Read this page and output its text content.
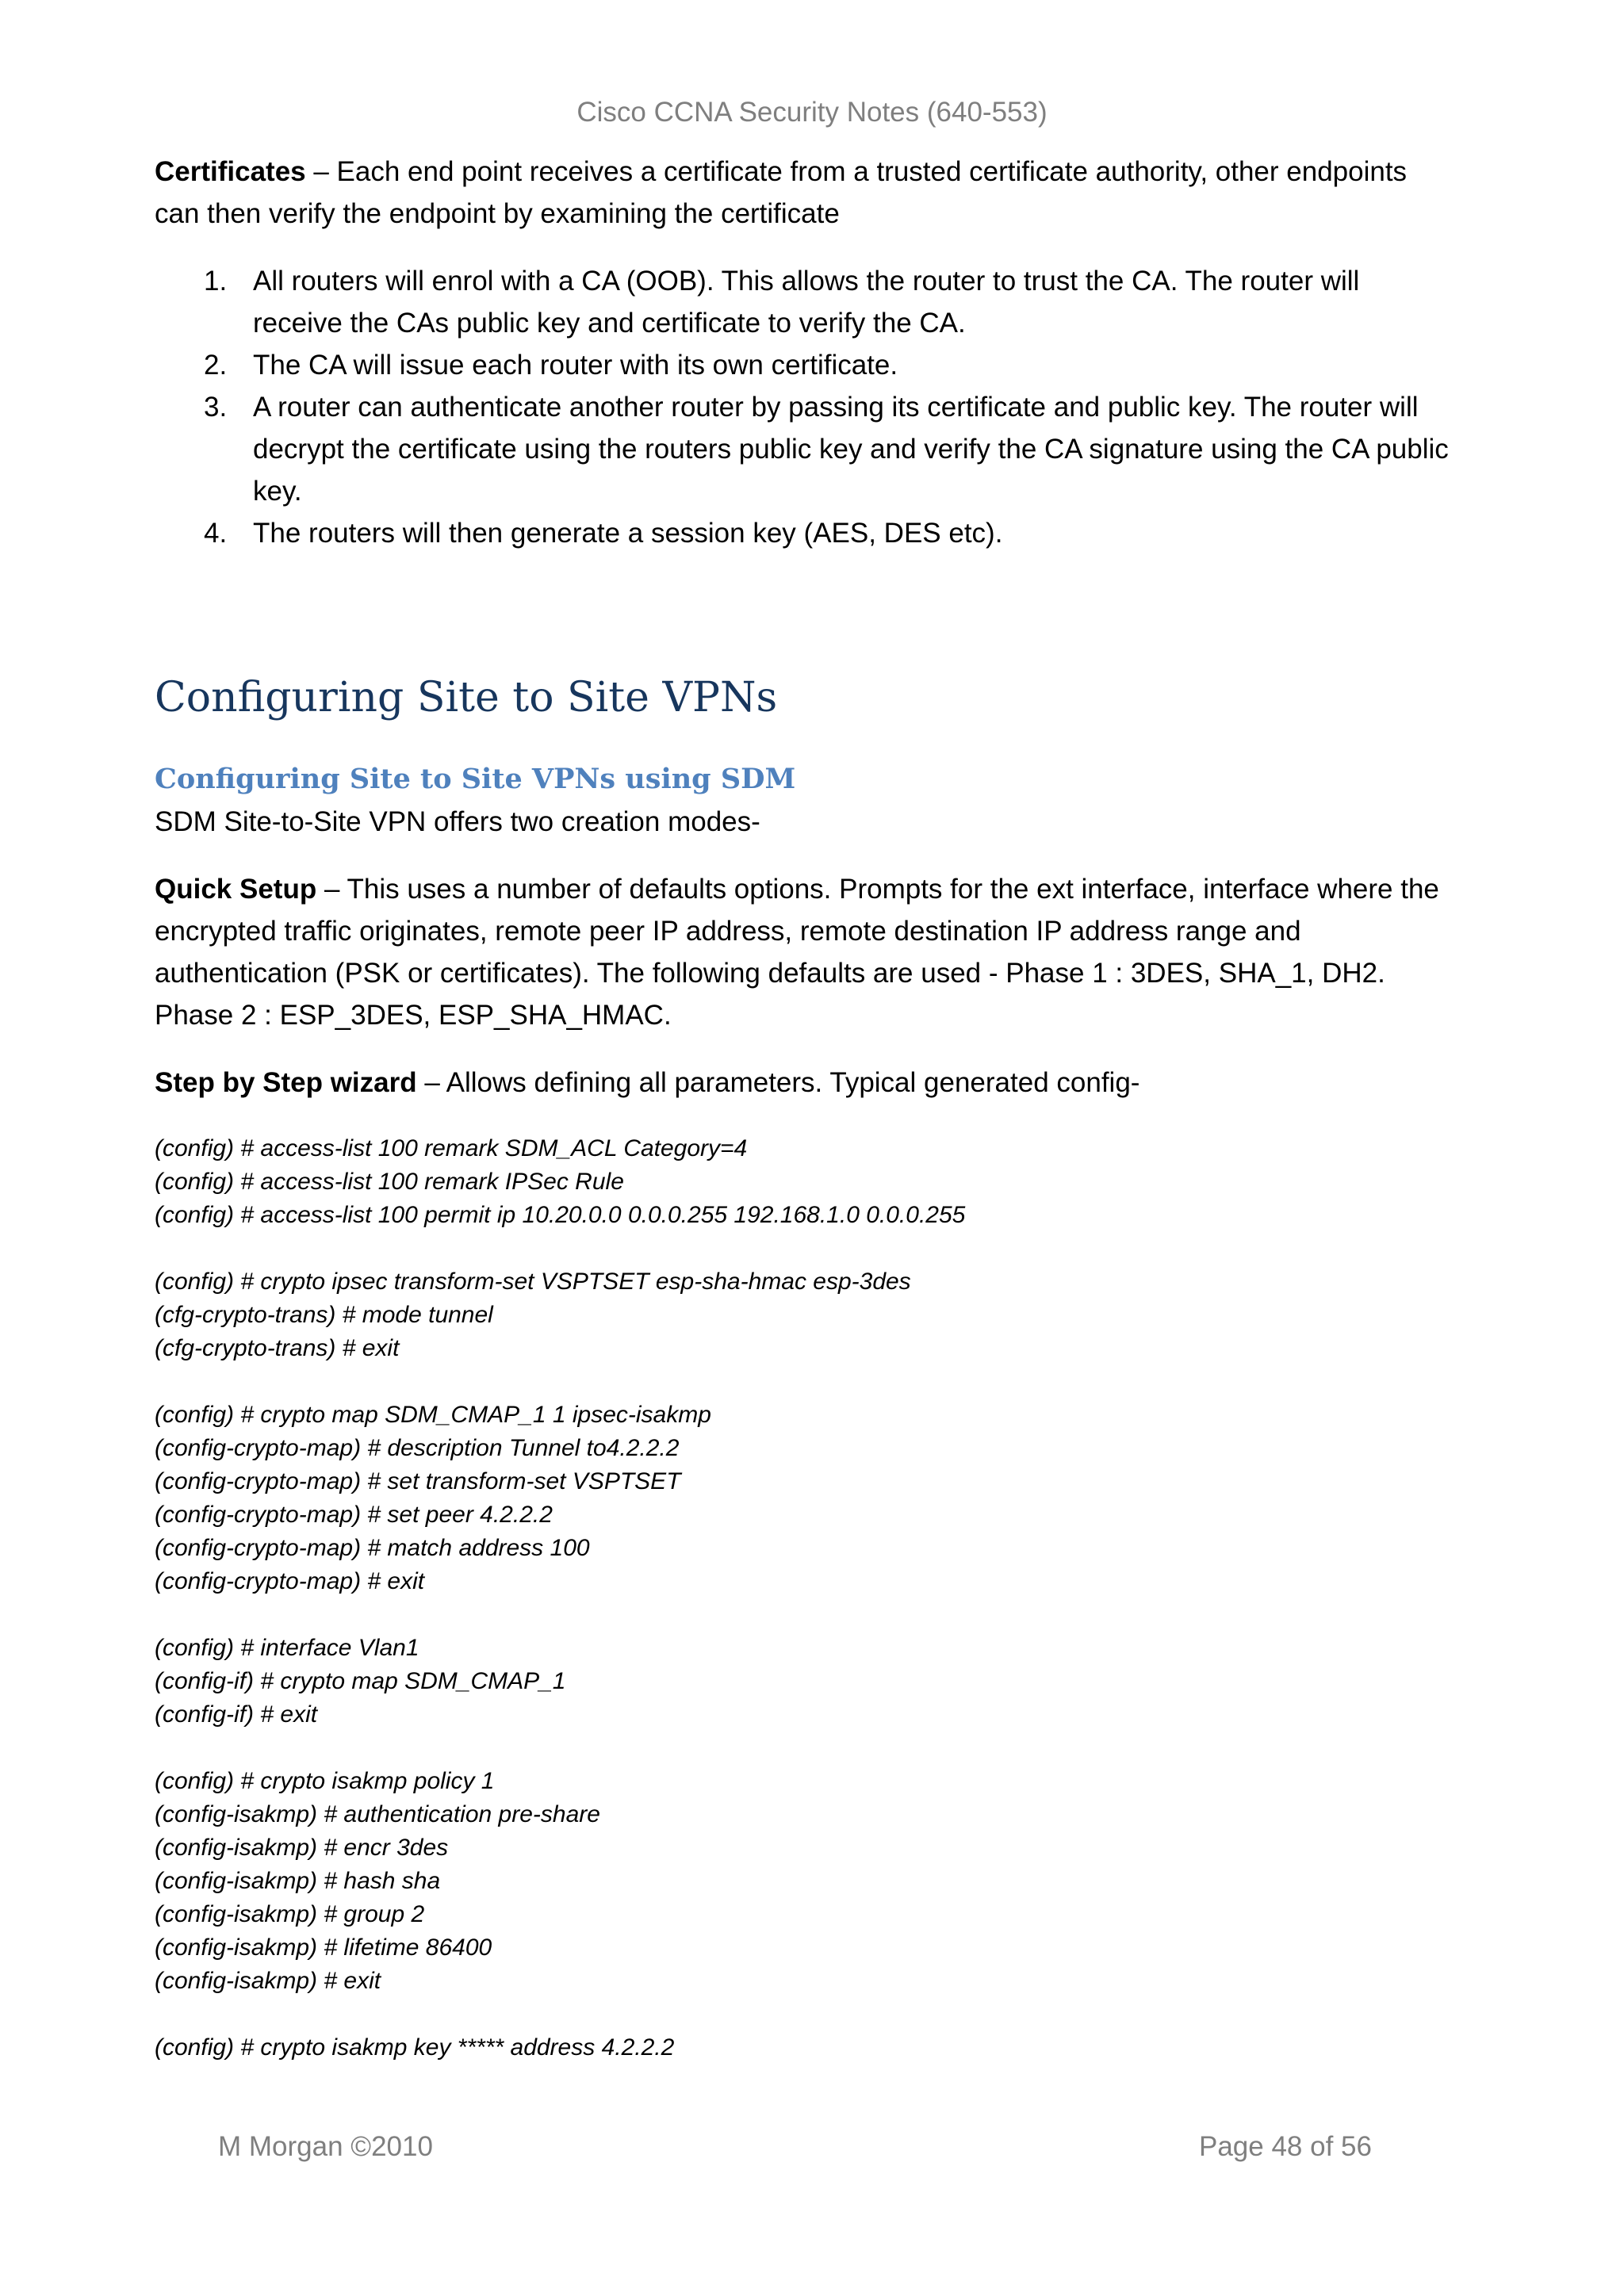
Cisco CCNA Security Notes (640-553)

Certificates – Each end point receives a certificate from a trusted certificate authority, other endpoints can then verify the endpoint by examining the certificate

1. All routers will enrol with a CA (OOB). This allows the router to trust the CA. The router will receive the CAs public key and certificate to verify the CA.
2. The CA will issue each router with its own certificate.
3. A router can authenticate another router by passing its certificate and public key. The router will decrypt the certificate using the routers public key and verify the CA signature using the CA public key.
4. The routers will then generate a session key (AES, DES etc).
Configuring Site to Site VPNs
Configuring Site to Site VPNs using SDM

SDM Site-to-Site VPN offers two creation modes-

Quick Setup – This uses a number of defaults options. Prompts for the ext interface, interface where the encrypted traffic originates, remote peer IP address, remote destination IP address range and authentication (PSK or certificates). The following defaults are used - Phase 1 : 3DES, SHA_1, DH2. Phase 2 : ESP_3DES, ESP_SHA_HMAC.

Step by Step wizard – Allows defining all parameters. Typical generated config-

(config) # access-list 100 remark SDM_ACL Category=4

(config) # access-list 100 remark IPSec Rule

(config) # access-list 100 permit ip 10.20.0.0 0.0.0.255 192.168.1.0 0.0.0.255

(config) # crypto ipsec transform-set VSPTSET esp-sha-hmac esp-3des

(cfg-crypto-trans) # mode tunnel

(cfg-crypto-trans) # exit

(config) # crypto map SDM_CMAP_1 1 ipsec-isakmp

(config-crypto-map) # description Tunnel to4.2.2.2

(config-crypto-map) # set transform-set VSPTSET

(config-crypto-map) # set peer 4.2.2.2

(config-crypto-map) # match address 100

(config-crypto-map) # exit

(config) # interface Vlan1

(config-if) # crypto map SDM_CMAP_1

(config-if) # exit

(config) # crypto isakmp policy 1

(config-isakmp) # authentication pre-share

(config-isakmp) # encr 3des

(config-isakmp) # hash sha

(config-isakmp) # group 2

(config-isakmp) # lifetime 86400

(config-isakmp) # exit

(config) # crypto isakmp key ***** address 4.2.2.2

M Morgan ©2010	Page 48 of 56
